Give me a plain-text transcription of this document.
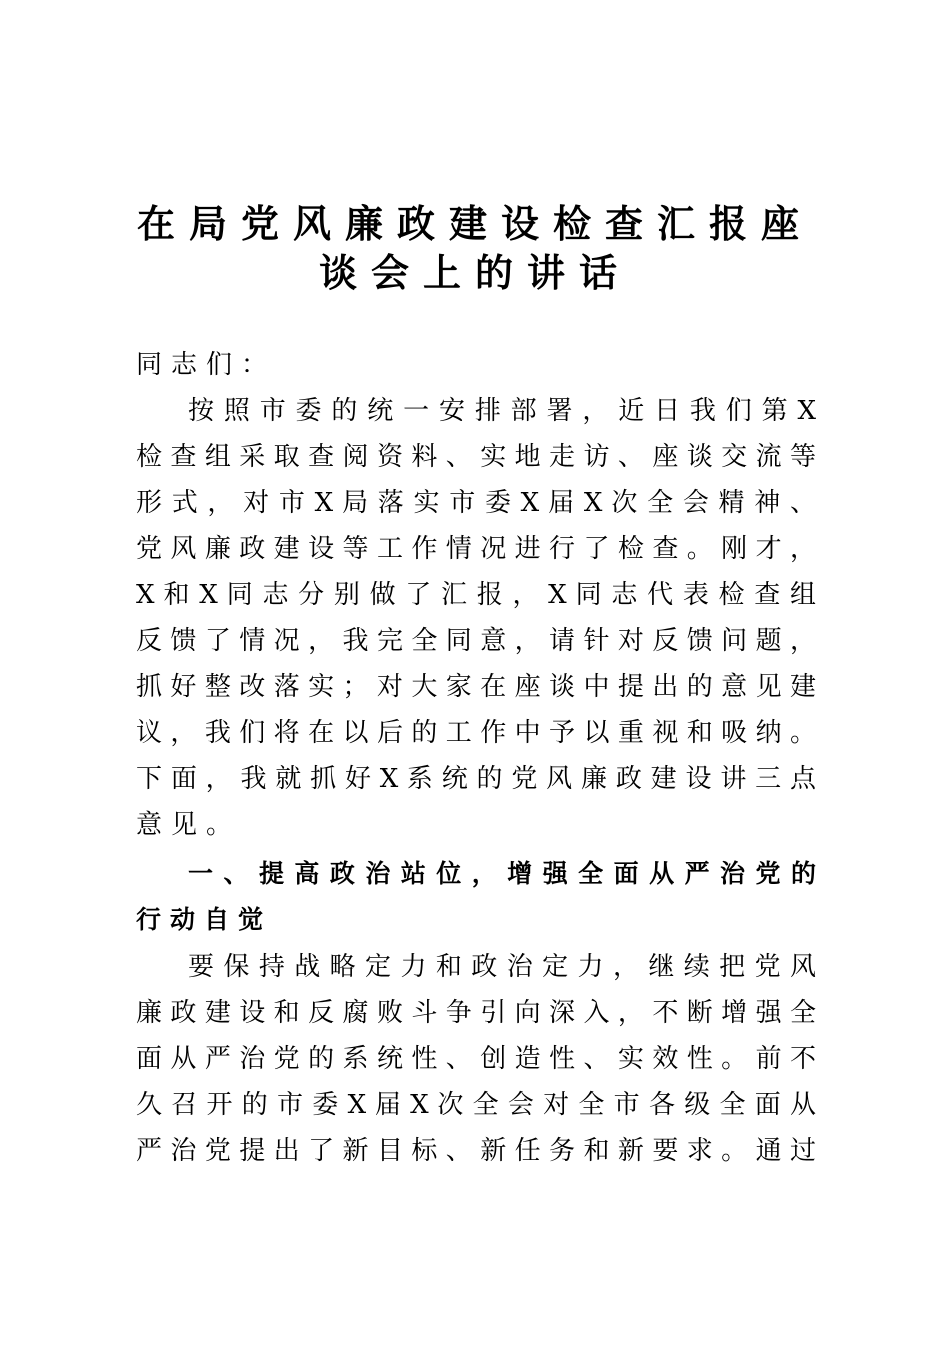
在局党风廉政建设检查汇报座
谈会上的讲话

同志们：

按 照 市 委 的 统 一 安 排 部 署 ， 近 日 我 们 第 X

检 查 组 采 取 查 阅 资 料 、 实 地 走 访 、 座 谈 交 流 等

形 式 ， 对 市 X 局 落 实 市 委 X 届 X 次 全 会 精 神 、

党 风 廉 政 建 设 等 工 作 情 况 进 行 了 检 查 。 刚 才 ，

X 和 X 同 志 分 别 做 了 汇 报 ， X 同 志 代 表 检 查 组

反 馈 了 情 况 ， 我 完 全 同 意 ， 请 针 对 反 馈 问 题 ，

抓 好 整 改 落 实 ； 对 大 家 在 座 谈 中 提 出 的 意 见 建

议 ， 我 们 将 在 以 后 的 工 作 中 予 以 重 视 和 吸 纳 。

下 面 ， 我 就 抓 好 X 系 统 的 党 风 廉 政 建 设 讲 三 点

意见。

一 、 提 高 政 治 站 位 ， 增 强 全 面 从 严 治 党 的

行动自觉

要 保 持 战 略 定 力 和 政 治 定 力 ， 继 续 把 党 风

廉 政 建 设 和 反 腐 败 斗 争 引 向 深 入 ， 不 断 增 强 全

面 从 严 治 党 的 系 统 性 、 创 造 性 、 实 效 性 。 前 不

久 召 开 的 市 委 X 届 X 次 全 会 对 全 市 各 级 全 面 从

严 治 党 提 出 了 新 目 标 、 新 任 务 和 新 要 求 。 通 过
